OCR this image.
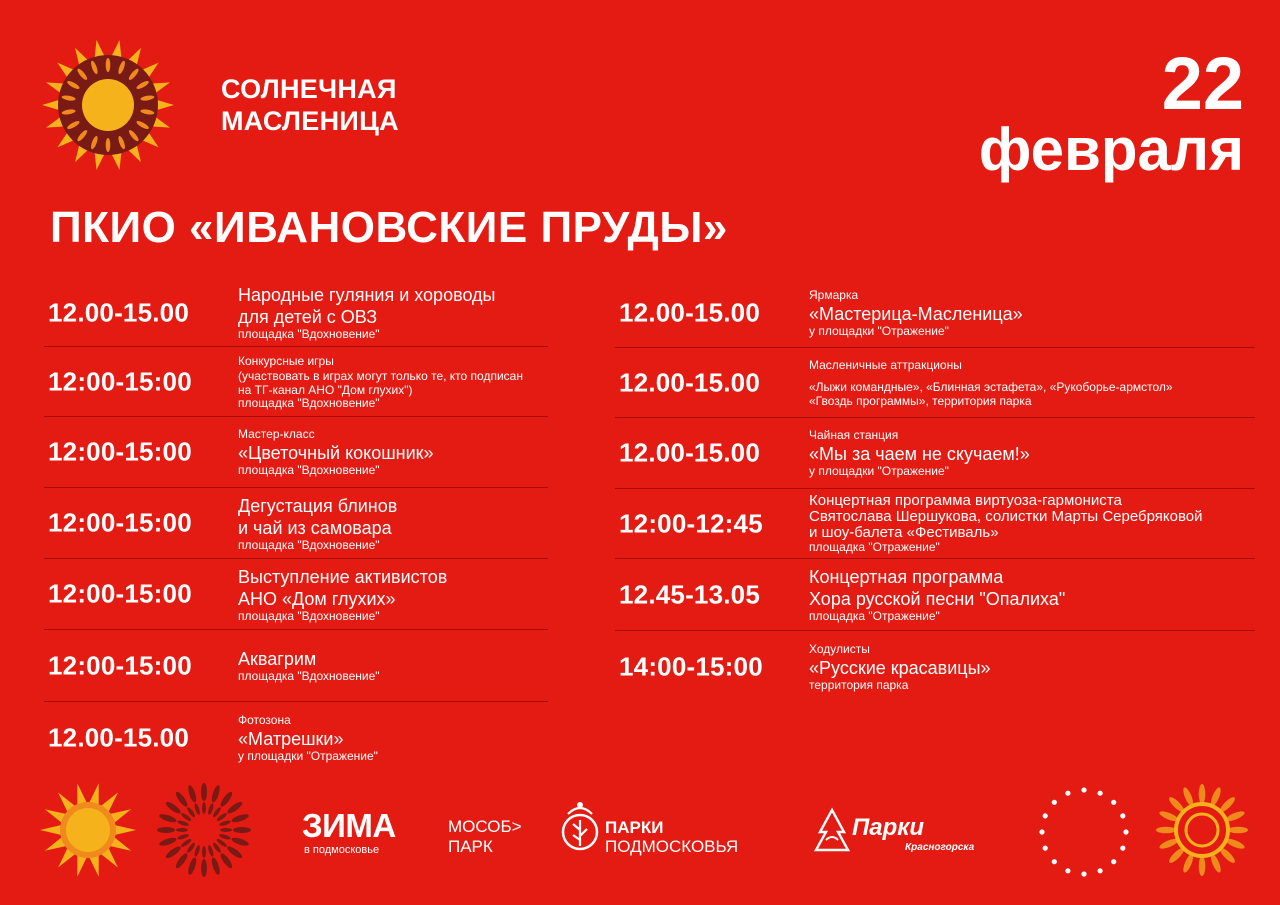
СОЛНЕЧНАЯ
МАСЛЕНИЦА	22
февраля
ПКИО «ИВАНОВСКИЕ ПРУДЫ»
12.00-15.00
Народные гуляния и хороводы
для детей с ОВЗ
площадка "Вдохновение"
12:00-15:00
Конкурсные игры
(участвовать в играх могут только те, кто подписан
на ТГ-канал АНО "Дом глухих")
площадка "Вдохновение"
12:00-15:00
Мастер-класс
«Цветочный кокошник»
площадка "Вдохновение"
12:00-15:00
Дегустация блинов
и чай из самовара
площадка "Вдохновение"
12:00-15:00
Выступление активистов
АНО «Дом глухих»
площадка "Вдохновение"
12:00-15:00	Аквагрим
площадка "Вдохновение"
12.00-15.00
Фотозона
«Матрешки»
у площадки "Отражение"
12.00-15.00
Ярмарка
«Мастерица-Масленица»
у площадки "Отражение"
12.00-15.00
Масленичные аттракционы
«Лыжи командные», «Блинная эстафета», «Рукоборье-армстол»
«Гвоздь программы», территория парка
12.00-15.00
Чайная станция
«Мы за чаем не скучаем!»
у площадки "Отражение"
12:00-12:45
Концертная программа виртуоза-гармониста
Святослава Шершукова, солистки Марты Серебряковой
и шоу-балета «Фестиваль»
площадка "Отражение"
12.45-13.05
Концертная программа
Хора русской песни "Опалиха"
площадка "Отражение"
14:00-15:00
Ходулисты
«Русские красавицы»
территория парка
ЗИМА
в подмосковье
МОСОБ>
ПАРК
ПАРКИ
ПОДМОСКОВЬЯ
Парки
Красногорска
